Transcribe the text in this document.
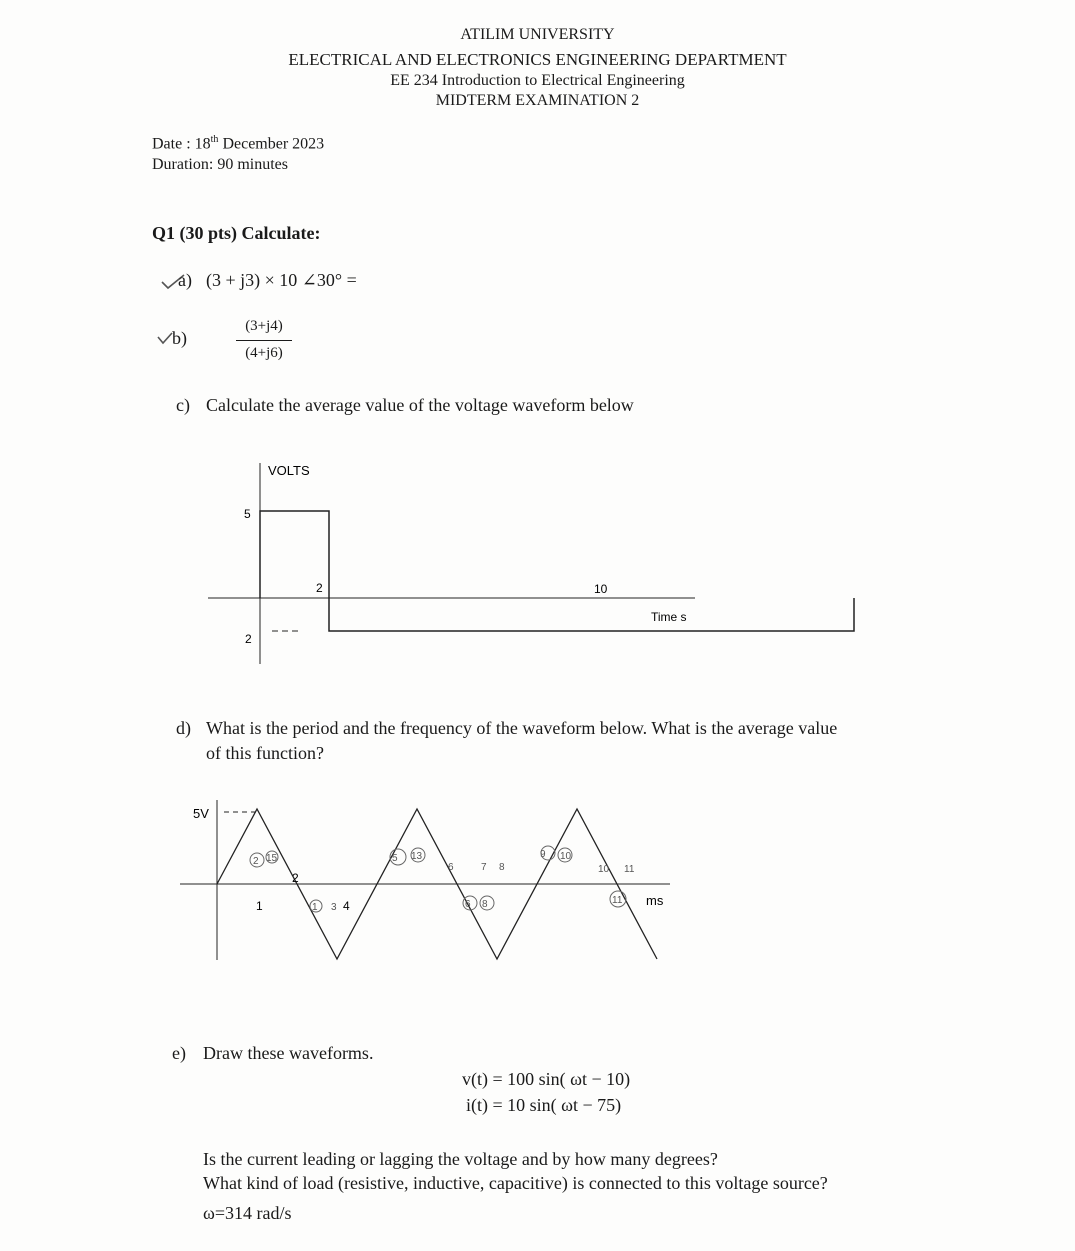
ATILIM UNIVERSITY
ELECTRICAL AND ELECTRONICS ENGINEERING DEPARTMENT
EE 234 Introduction to Electrical Engineering
MIDTERM EXAMINATION 2
Date : 18th December 2023
Duration: 90 minutes
Q1 (30 pts) Calculate:
a) (3 + j3) × 10 ∠30° =
b)
(3+j4)
(4+j6)
c) Calculate the average value of the voltage waveform below
VOLTS
5
2
2	10
Time s
d) What is the period and the frequency of the waveform below. What is the average value
of this function?
5V
1
2
4	ms
2
1 3
5
6	7 8
9
10 11
13
6 8
10
11
15
e) Draw these waveforms.
v(t) = 100 sin( ωt − 10)
i(t) = 10 sin( ωt − 75)
Is the current leading or lagging the voltage and by how many degrees?
What kind of load (resistive, inductive, capacitive) is connected to this voltage source?
ω=314 rad/s
